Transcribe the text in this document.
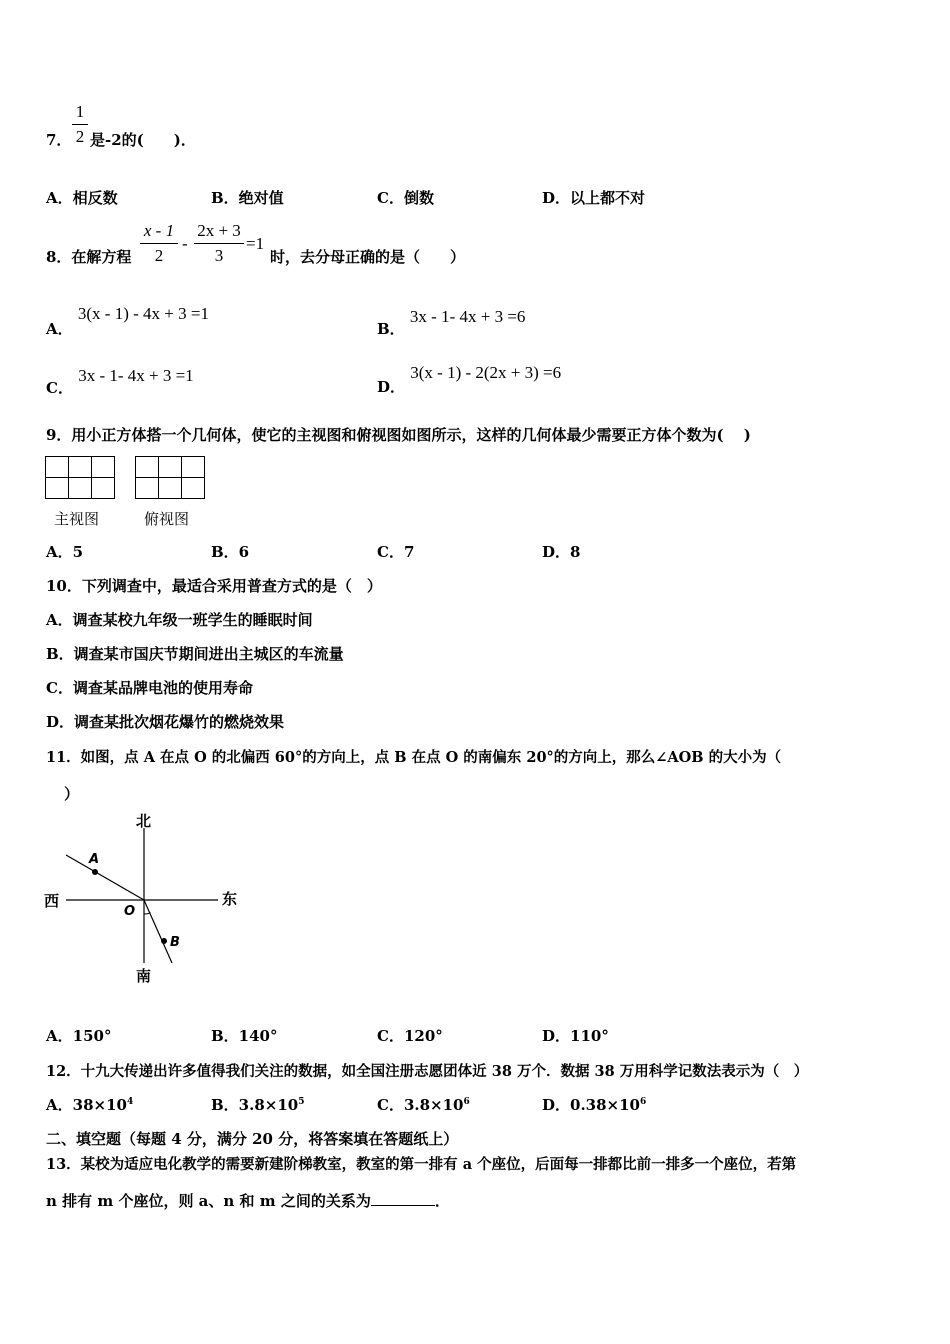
1
2
7． 是-2的(　　)．
A．相反数	B．绝对值	C．倒数	D．以上都不对
8．在解方程
x - 1
2
-
2x + 3
3
=1
时，去分母正确的是（　　）
A． 3(x - 1) - 4x + 3 =1
B． 3x - 1- 4x + 3 =6
C． 3x - 1- 4x + 3 =1
D． 3(x - 1) - 2(2x + 3) =6
9．用小正方体搭一个几何体，使它的主视图和俯视图如图所示，这样的几何体最少需要正方体个数为(　 )

主视图	俯视图
A．5	B．6	C．7	D．8
10．下列调查中，最适合采用普查方式的是（　）
A．调查某校九年级一班学生的睡眠时间
B．调查某市国庆节期间进出主城区的车流量
C．调查某品牌电池的使用寿命
D．调查某批次烟花爆竹的燃烧效果
11．如图，点 A 在点 O 的北偏西 60°的方向上，点 B 在点 O 的南偏东 20°的方向上，那么∠AOB 的大小为（
）
北
南
西	东
A
B
O
A．150°	B．140°	C．120°	D．110°
12．十九大传递出许多值得我们关注的数据，如全国注册志愿团体近 38 万个．数据 38 万用科学记数法表示为（　）
A．$38\times 10^4$	B．$3.8\times 10^5$	C．$3.8\times 10^6$	D．$0.38\times 10^6$
二、填空题（每题 4 分，满分 20 分，将答案填在答题纸上）
13．某校为适应电化教学的需要新建阶梯教室，教室的第一排有 a 个座位，后面每一排都比前一排多一个座位，若第
n 排有 m 个座位，则 a、n 和 m 之间的关系为	．
